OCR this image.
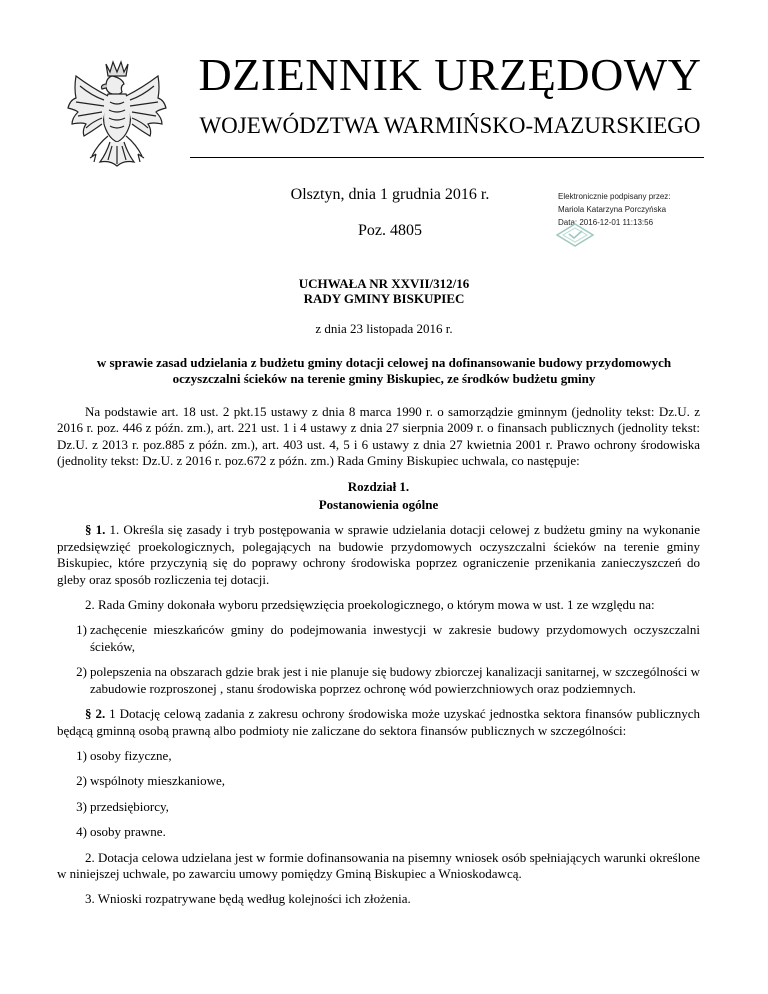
DZIENNIK URZĘDOWY
WOJEWÓDZTWA WARMIŃSKO-MAZURSKIEGO
Olsztyn, dnia 1 grudnia 2016 r.
Poz. 4805
Elektronicznie podpisany przez:
Mariola Katarzyna Porczyńska
Data: 2016-12-01 11:13:56
UCHWAŁA NR XXVII/312/16
RADY GMINY BISKUPIEC
z dnia 23 listopada 2016 r.
w sprawie zasad udzielania z budżetu gminy dotacji celowej na dofinansowanie budowy przydomowych oczyszczalni ścieków na terenie gminy Biskupiec, ze środków budżetu gminy

Na podstawie art. 18 ust. 2 pkt.15 ustawy z dnia 8 marca 1990 r. o samorządzie gminnym (jednolity tekst: Dz.U. z 2016 r. poz. 446 z późn. zm.), art. 221 ust. 1 i 4 ustawy z dnia 27 sierpnia 2009 r. o finansach publicznych (jednolity tekst: Dz.U. z 2013 r. poz.885 z późn. zm.), art. 403 ust. 4, 5 i 6 ustawy z dnia 27 kwietnia 2001 r. Prawo ochrony środowiska (jednolity tekst: Dz.U. z 2016 r. poz.672 z późn. zm.) Rada Gminy Biskupiec uchwala, co następuje:

Rozdział 1.

Postanowienia ogólne

§ 1. 1. Określa się zasady i tryb postępowania w sprawie udzielania dotacji celowej z budżetu gminy na wykonanie przedsięwzięć proekologicznych, polegających na budowie przydomowych oczyszczalni ścieków na terenie gminy Biskupiec, które przyczynią się do poprawy ochrony środowiska poprzez ograniczenie przenikania zanieczyszczeń do gleby oraz sposób rozliczenia tej dotacji.

2. Rada Gminy dokonała wyboru przedsięwzięcia proekologicznego, o którym mowa w ust. 1 ze względu na:

1) zachęcenie mieszkańców gminy do podejmowania inwestycji w zakresie budowy przydomowych oczyszczalni ścieków,
2) polepszenia na obszarach gdzie brak jest i nie planuje się budowy zbiorczej kanalizacji sanitarnej, w szczególności w zabudowie rozproszonej , stanu środowiska poprzez ochronę wód powierzchniowych oraz podziemnych.

§ 2. 1 Dotację celową zadania z zakresu ochrony środowiska może uzyskać jednostka sektora finansów publicznych będącą gminną osobą prawną albo podmioty nie zaliczane do sektora finansów publicznych w szczególności:

1) osoby fizyczne,
2) wspólnoty mieszkaniowe,
3) przedsiębiorcy,
4) osoby prawne.

2. Dotacja celowa udzielana jest w formie dofinansowania na pisemny wniosek osób spełniających warunki określone w niniejszej uchwale, po zawarciu umowy pomiędzy Gminą Biskupiec a Wnioskodawcą.

3. Wnioski rozpatrywane będą według kolejności ich złożenia.
